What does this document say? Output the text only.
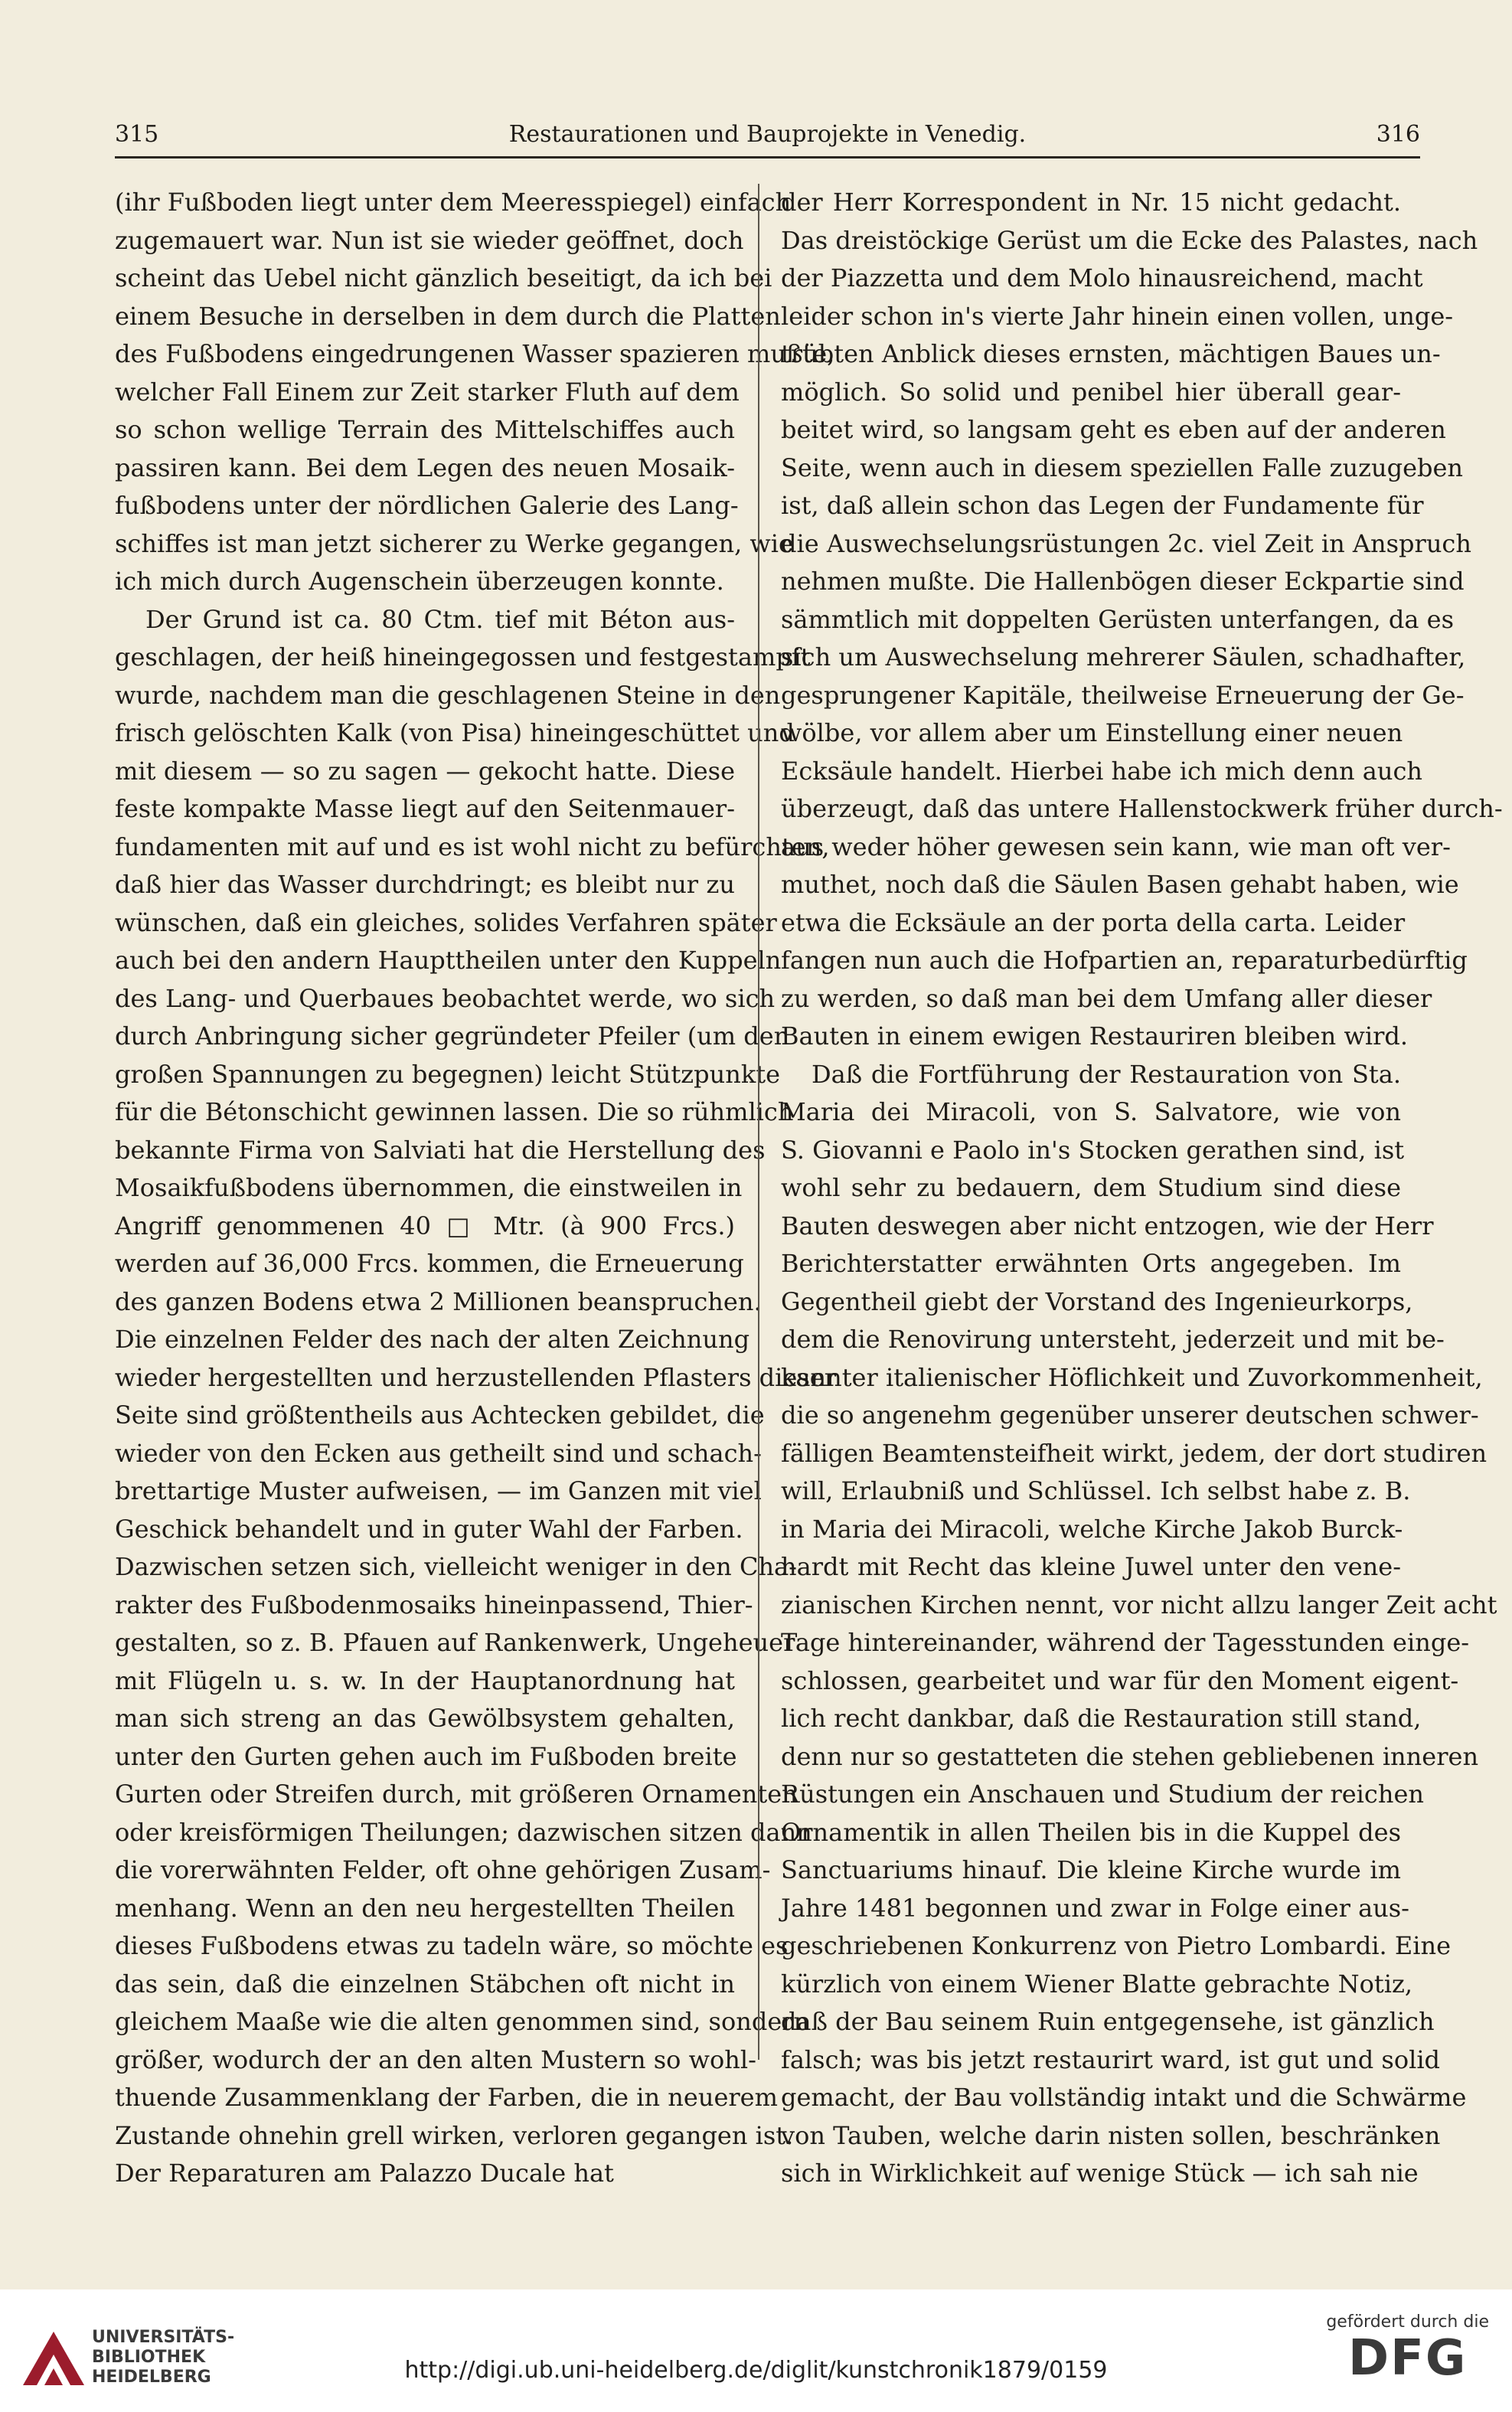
315	Restaurationen und Bauprojekte in Venedig.	316
(ihr Fußboden liegt unter dem Meeresspiegel) einfach
zugemauert war. Nun ist sie wieder geöffnet, doch
scheint das Uebel nicht gänzlich beseitigt, da ich bei
einem Besuche in derselben in dem durch die Platten
des Fußbodens eingedrungenen Wasser spazieren mußte,
welcher Fall Einem zur Zeit starker Fluth auf dem
so schon wellige Terrain des Mittelschiffes auch
passiren kann. Bei dem Legen des neuen Mosaik-
fußbodens unter der nördlichen Galerie des Lang-
schiffes ist man jetzt sicherer zu Werke gegangen, wie
ich mich durch Augenschein überzeugen konnte.
Der Grund ist ca. 80 Ctm. tief mit Béton aus-
geschlagen, der heiß hineingegossen und festgestampft
wurde, nachdem man die geschlagenen Steine in den
frisch gelöschten Kalk (von Pisa) hineingeschüttet und
mit diesem — so zu sagen — gekocht hatte. Diese
feste kompakte Masse liegt auf den Seitenmauer-
fundamenten mit auf und es ist wohl nicht zu befürchten,
daß hier das Wasser durchdringt; es bleibt nur zu
wünschen, daß ein gleiches, solides Verfahren später
auch bei den andern Haupttheilen unter den Kuppeln
des Lang- und Querbaues beobachtet werde, wo sich
durch Anbringung sicher gegründeter Pfeiler (um den
großen Spannungen zu begegnen) leicht Stützpunkte
für die Bétonschicht gewinnen lassen. Die so rühmlich
bekannte Firma von Salviati hat die Herstellung des
Mosaikfußbodens übernommen, die einstweilen in
Angriff genommenen 40 □ Mtr. (à 900 Frcs.)
werden auf 36,000 Frcs. kommen, die Erneuerung
des ganzen Bodens etwa 2 Millionen beanspruchen.
Die einzelnen Felder des nach der alten Zeichnung
wieder hergestellten und herzustellenden Pflasters dieser
Seite sind größtentheils aus Achtecken gebildet, die
wieder von den Ecken aus getheilt sind und schach-
brettartige Muster aufweisen, — im Ganzen mit viel
Geschick behandelt und in guter Wahl der Farben.
Dazwischen setzen sich, vielleicht weniger in den Cha-
rakter des Fußbodenmosaiks hineinpassend, Thier-
gestalten, so z. B. Pfauen auf Rankenwerk, Ungeheuer
mit Flügeln u. s. w. In der Hauptanordnung hat
man sich streng an das Gewölbsystem gehalten,
unter den Gurten gehen auch im Fußboden breite
Gurten oder Streifen durch, mit größeren Ornamenten
oder kreisförmigen Theilungen; dazwischen sitzen dann
die vorerwähnten Felder, oft ohne gehörigen Zusam-
menhang. Wenn an den neu hergestellten Theilen
dieses Fußbodens etwas zu tadeln wäre, so möchte es
das sein, daß die einzelnen Stäbchen oft nicht in
gleichem Maaße wie die alten genommen sind, sondern
größer, wodurch der an den alten Mustern so wohl-
thuende Zusammenklang der Farben, die in neuerem
Zustande ohnehin grell wirken, verloren gegangen ist.
Der Reparaturen am Palazzo Ducale hat
der Herr Korrespondent in Nr. 15 nicht gedacht.
Das dreistöckige Gerüst um die Ecke des Palastes, nach
der Piazzetta und dem Molo hinausreichend, macht
leider schon in's vierte Jahr hinein einen vollen, unge-
trübten Anblick dieses ernsten, mächtigen Baues un-
möglich. So solid und penibel hier überall gear-
beitet wird, so langsam geht es eben auf der anderen
Seite, wenn auch in diesem speziellen Falle zuzugeben
ist, daß allein schon das Legen der Fundamente für
die Auswechselungsrüstungen 2c. viel Zeit in Anspruch
nehmen mußte. Die Hallenbögen dieser Eckpartie sind
sämmtlich mit doppelten Gerüsten unterfangen, da es
sich um Auswechselung mehrerer Säulen, schadhafter,
gesprungener Kapitäle, theilweise Erneuerung der Ge-
wölbe, vor allem aber um Einstellung einer neuen
Ecksäule handelt. Hierbei habe ich mich denn auch
überzeugt, daß das untere Hallenstockwerk früher durch-
aus weder höher gewesen sein kann, wie man oft ver-
muthet, noch daß die Säulen Basen gehabt haben, wie
etwa die Ecksäule an der porta della carta. Leider
fangen nun auch die Hofpartien an, reparaturbedürftig
zu werden, so daß man bei dem Umfang aller dieser
Bauten in einem ewigen Restauriren bleiben wird.
Daß die Fortführung der Restauration von Sta.
Maria dei Miracoli, von S. Salvatore, wie von
S. Giovanni e Paolo in's Stocken gerathen sind, ist
wohl sehr zu bedauern, dem Studium sind diese
Bauten deswegen aber nicht entzogen, wie der Herr
Berichterstatter erwähnten Orts angegeben. Im
Gegentheil giebt der Vorstand des Ingenieurkorps,
dem die Renovirung untersteht, jederzeit und mit be-
kannter italienischer Höflichkeit und Zuvorkommenheit,
die so angenehm gegenüber unserer deutschen schwer-
fälligen Beamtensteifheit wirkt, jedem, der dort studiren
will, Erlaubniß und Schlüssel. Ich selbst habe z. B.
in Maria dei Miracoli, welche Kirche Jakob Burck-
hardt mit Recht das kleine Juwel unter den vene-
zianischen Kirchen nennt, vor nicht allzu langer Zeit acht
Tage hintereinander, während der Tagesstunden einge-
schlossen, gearbeitet und war für den Moment eigent-
lich recht dankbar, daß die Restauration still stand,
denn nur so gestatteten die stehen gebliebenen inneren
Rüstungen ein Anschauen und Studium der reichen
Ornamentik in allen Theilen bis in die Kuppel des
Sanctuariums hinauf. Die kleine Kirche wurde im
Jahre 1481 begonnen und zwar in Folge einer aus-
geschriebenen Konkurrenz von Pietro Lombardi. Eine
kürzlich von einem Wiener Blatte gebrachte Notiz,
daß der Bau seinem Ruin entgegensehe, ist gänzlich
falsch; was bis jetzt restaurirt ward, ist gut und solid
gemacht, der Bau vollständig intakt und die Schwärme
von Tauben, welche darin nisten sollen, beschränken
sich in Wirklichkeit auf wenige Stück — ich sah nie
UNIVERSITÄTS-
BIBLIOTHEK
HEIDELBERG	http://digi.ub.uni-heidelberg.de/diglit/kunstchronik1879/0159
gefördert durch die
DFG
